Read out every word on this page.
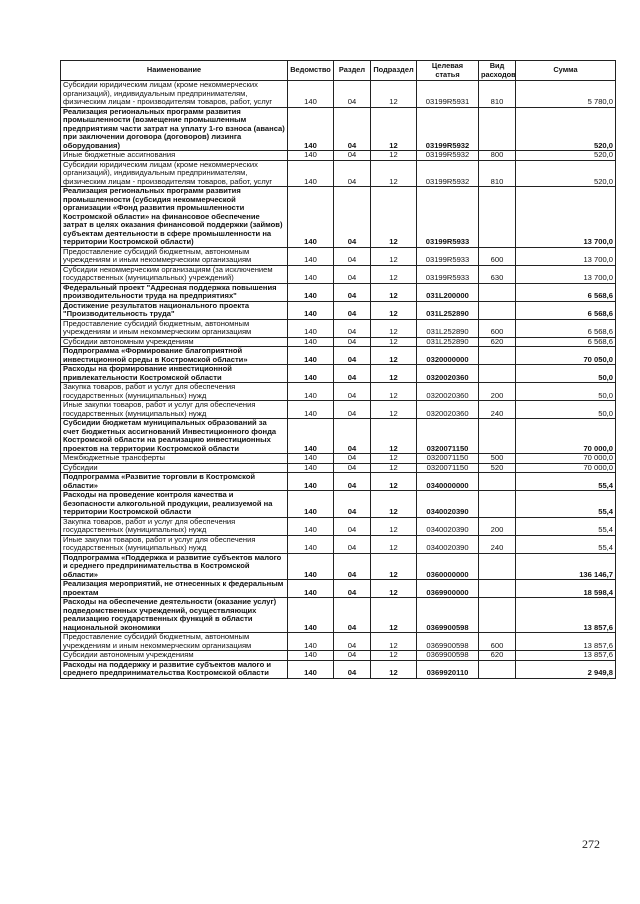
Наименование	Ведомство	Раздел	Подраздел	Целевая статья	Вид расходов	Сумма
Субсидии юридическим лицам (кроме некоммерческих организаций), индивидуальным предпринимателям, физическим лицам - производителям товаров, работ, услуг	140	04	12	03199R5931	810	5 780,0
Реализация региональных программ развития промышленности (возмещение промышленным предприятиям части затрат на уплату 1-го взноса (аванса) при заключении договора (договоров) лизинга оборудования)	140	04	12	03199R5932		520,0
Иные бюджетные ассигнования	140	04	12	03199R5932	800	520,0
Субсидии юридическим лицам (кроме некоммерческих организаций), индивидуальным предпринимателям, физическим лицам - производителям товаров, работ, услуг	140	04	12	03199R5932	810	520,0
Реализация региональных программ развития промышленности (субсидия некоммерческой организации «Фонд развития промышленности Костромской области» на финансовое обеспечение затрат в целях оказания финансовой поддержки (займов) субъектам деятельности в сфере промышленности на территории Костромской области)	140	04	12	03199R5933		13 700,0
Предоставление субсидий бюджетным, автономным учреждениям и иным некоммерческим организациям	140	04	12	03199R5933	600	13 700,0
Субсидии некоммерческим организациям (за исключением государственных (муниципальных) учреждений)	140	04	12	03199R5933	630	13 700,0
Федеральный проект "Адресная поддержка повышения производительности труда на предприятиях"	140	04	12	031L200000		6 568,6
Достижение результатов национального проекта "Производительность труда"	140	04	12	031L252890		6 568,6
Предоставление субсидий бюджетным, автономным учреждениям и иным некоммерческим организациям	140	04	12	031L252890	600	6 568,6
Субсидии автономным учреждениям	140	04	12	031L252890	620	6 568,6
Подпрограмма «Формирование благоприятной инвестиционной среды в Костромской области»	140	04	12	0320000000		70 050,0
Расходы на формирование инвестиционной привлекательности Костромской области	140	04	12	0320020360		50,0
Закупка товаров, работ и услуг для обеспечения государственных (муниципальных) нужд	140	04	12	0320020360	200	50,0
Иные закупки товаров, работ и услуг для обеспечения государственных (муниципальных) нужд	140	04	12	0320020360	240	50,0
Субсидии бюджетам муниципальных образований за счет бюджетных ассигнований Инвестиционного фонда Костромской области на реализацию инвестиционных проектов на территории Костромской области	140	04	12	0320071150		70 000,0
Межбюджетные трансферты	140	04	12	0320071150	500	70 000,0
Субсидии	140	04	12	0320071150	520	70 000,0
Подпрограмма «Развитие торговли в Костромской области»	140	04	12	0340000000		55,4
Расходы на проведение контроля качества и безопасности алкогольной продукции, реализуемой на территории Костромской области	140	04	12	0340020390		55,4
Закупка товаров, работ и услуг для обеспечения государственных (муниципальных) нужд	140	04	12	0340020390	200	55,4
Иные закупки товаров, работ и услуг для обеспечения государственных (муниципальных) нужд	140	04	12	0340020390	240	55,4
Подпрограмма «Поддержка и развитие субъектов малого и среднего предпринимательства в Костромской области»	140	04	12	0360000000		136 146,7
Реализация мероприятий, не отнесенных к федеральным проектам	140	04	12	0369900000		18 598,4
Расходы на обеспечение деятельности (оказание услуг) подведомственных учреждений, осуществляющих реализацию государственных функций в области национальной экономики	140	04	12	0369900598		13 857,6
Предоставление субсидий бюджетным, автономным учреждениям и иным некоммерческим организациям	140	04	12	0369900598	600	13 857,6
Субсидии автономным учреждениям	140	04	12	0369900598	620	13 857,6
Расходы на поддержку и развитие субъектов малого и среднего предпринимательства Костромской области	140	04	12	0369920110		2 949,8
272
